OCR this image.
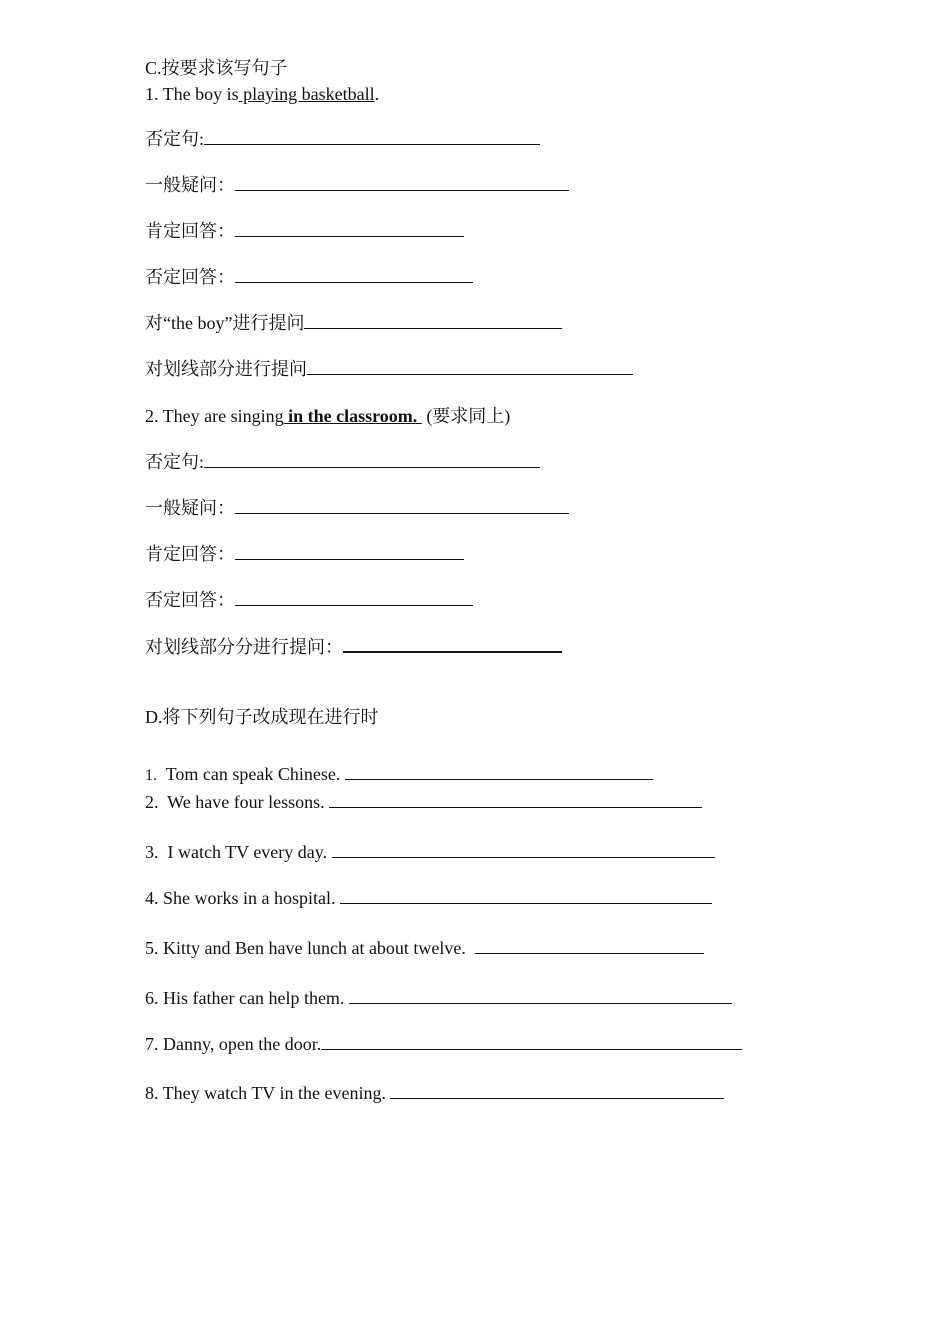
C.按要求该写句子
1. The boy is playing basketball.
否定句:
一般疑问：
肯定回答：
否定回答：
对“the boy”进行提问
对划线部分进行提问
2. They are singing in the classroom.  (要求同上)
否定句:
一般疑问：
肯定回答：
否定回答：
对划线部分分进行提问：
D.将下列句子改成现在进行时
1.  Tom can speak Chinese.
2.  We have four lessons.
3.  I watch TV every day.
4. She works in a hospital.
5. Kitty and Ben have lunch at about twelve.
6. His father can help them.
7. Danny, open the door.
8. They watch TV in the evening.
